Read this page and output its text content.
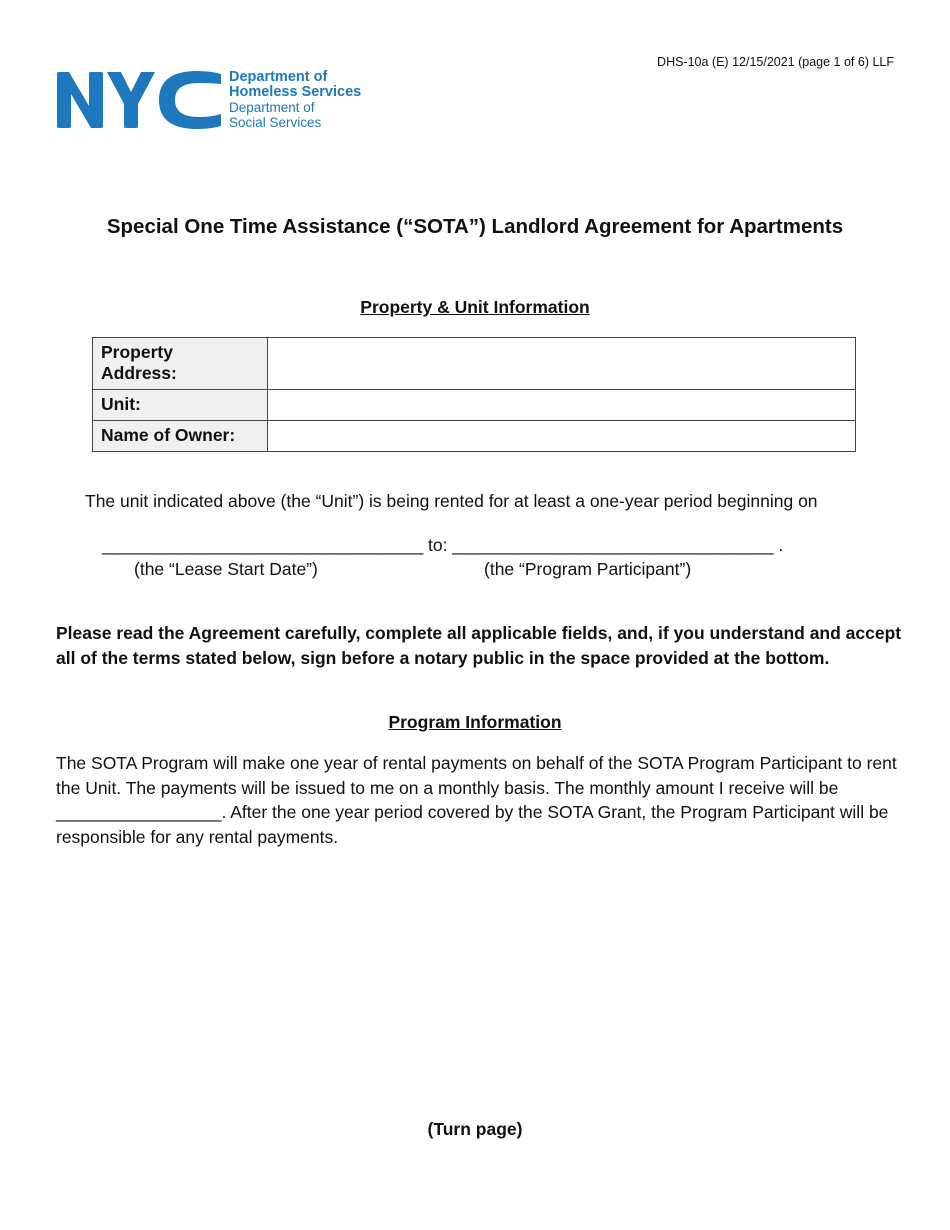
DHS-10a (E) 12/15/2021 (page 1 of 6) LLF
Department of
Homeless Services
Department of
Social Services
Special One Time Assistance (“SOTA”) Landlord Agreement for Apartments
Property & Unit Information
Property
Address:	
Unit:	
Name of Owner:	
The unit indicated above (the “Unit”) is being rented for at least a one-year period beginning on
_________________________________ to: _________________________________ .
(the “Lease Start Date”)	(the “Program Participant”)
Please read the Agreement carefully, complete all applicable fields, and, if you understand and accept all of the terms stated below, sign before a notary public in the space provided at the bottom.
Program Information
The SOTA Program will make one year of rental payments on behalf of the SOTA Program Participant to rent the Unit. The payments will be issued to me on a monthly basis. The monthly amount I receive will be _________________. After the one year period covered by the SOTA Grant, the Program Participant will be responsible for any rental payments.
(Turn page)
